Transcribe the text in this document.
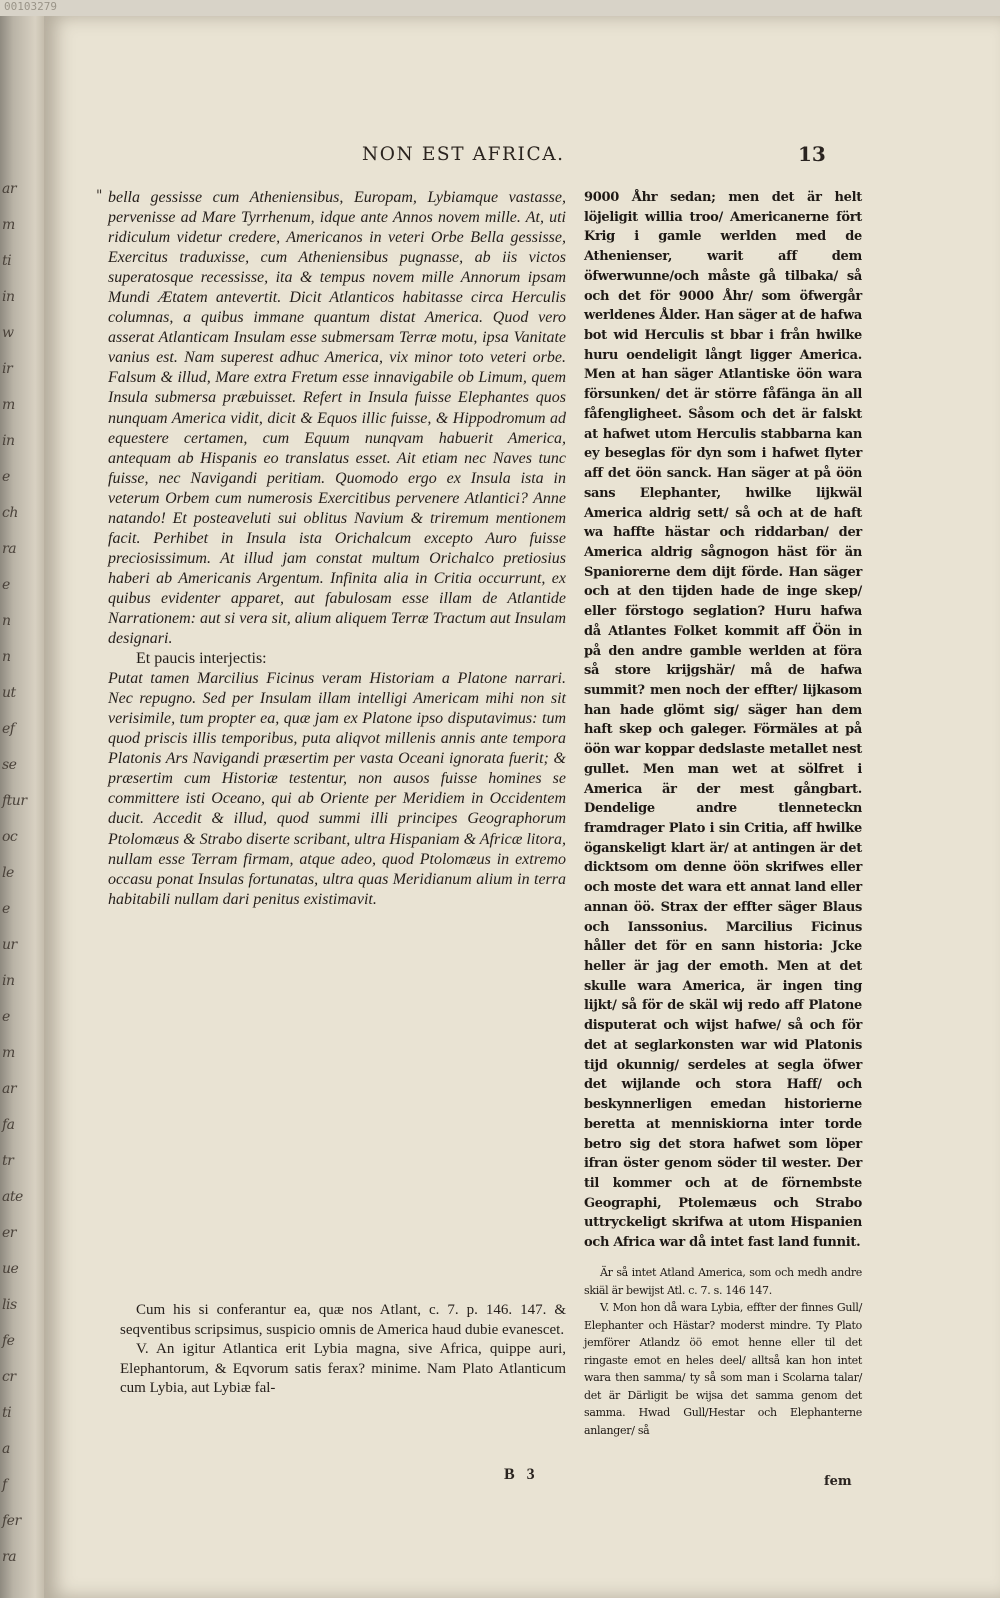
00103279
ar
m
ti
in
w
ir
m
in
e
ch
ra
e
n
n
ut
ef
se
ftur
oc
le
e
ur
in
e
m
ar
fa
tr
ate
er
ue
lis
fe
cr
ti
a
f
fer
ra
NON EST AFRICA.	13
" bella gessisse cum Atheniensibus, Europam, Lybiamque vastasse, pervenisse ad Mare Tyrrhenum, idque ante Annos novem mille. At, uti ridiculum videtur credere, Americanos in veteri Orbe Bella gessisse, Exercitus traduxisse, cum Atheniensibus pugnasse, ab iis victos superatosque recessisse, ita & tempus novem mille Annorum ipsam Mundi Ætatem antevertit. Dicit Atlanticos habitasse circa Herculis columnas, a quibus immane quantum distat America. Quod vero asserat Atlanticam Insulam esse submersam Terræ motu, ipsa Vanitate vanius est. Nam superest adhuc America, vix minor toto veteri orbe. Falsum & illud, Mare extra Fretum esse innavigabile ob Limum, quem Insula submersa præbuisset. Refert in Insula fuisse Elephantes quos nunquam America vidit, dicit & Equos illic fuisse, & Hippodromum ad equestere certamen, cum Equum nunqvam habuerit America, antequam ab Hispanis eo translatus esset. Ait etiam nec Naves tunc fuisse, nec Navigandi peritiam. Quomodo ergo ex Insula ista in veterum Orbem cum numerosis Exercitibus pervenere Atlantici? Anne natando! Et posteaveluti sui oblitus Navium & triremum mentionem facit. Perhibet in Insula ista Orichalcum excepto Auro fuisse preciosissimum. At illud jam constat multum Orichalco pretiosius haberi ab Americanis Argentum. Infinita alia in Critia occurrunt, ex quibus evidenter apparet, aut fabulosam esse illam de Atlantide Narrationem: aut si vera sit, alium aliquem Terræ Tractum aut Insulam designari.

Et paucis interjectis:

Putat tamen Marcilius Ficinus veram Historiam a Platone narrari. Nec repugno. Sed per Insulam illam intelligi Americam mihi non sit verisimile, tum propter ea, quæ jam ex Platone ipso disputavimus: tum quod priscis illis temporibus, puta aliqvot millenis annis ante tempora Platonis Ars Navigandi præsertim per vasta Oceani ignorata fuerit; & præsertim cum Historiæ testentur, non ausos fuisse homines se committere isti Oceano, qui ab Oriente per Meridiem in Occidentem ducit. Accedit & illud, quod summi illi principes Geographorum Ptolomæus & Strabo diserte scribant, ultra Hispaniam & Africæ litora, nullam esse Terram firmam, atque adeo, quod Ptolomæus in extremo occasu ponat Insulas fortunatas, ultra quas Meridianum alium in terra habitabili nullam dari penitus existimavit.

Cum his si conferantur ea, quæ nos Atlant, c. 7. p. 146. 147. & seqventibus scripsimus, suspicio omnis de America haud dubie evanescet.

V. An igitur Atlantica erit Lybia magna, sive Africa, quippe auri, Elephantorum, & Eqvorum satis ferax? minime. Nam Plato Atlanticum cum Lybia, aut Lybiæ fal-

B 3

9000 Åhr sedan; men det är helt löjeligit willia troo/ Americanerne fört Krig i gamle werlden med de Athenienser, warit aff dem öfwerwunne/och måste gå tilbaka/ så och det för 9000 Åhr/ som öfwergår werldenes Ålder. Han säger at de hafwa bot wid Herculis st bbar i från hwilke huru oendeligit långt ligger America. Men at han säger Atlantiske öön wara försunken/ det är större fåfänga än all fåfengligheet. Såsom och det är falskt at hafwet utom Herculis stabbarna kan ey beseglas för dyn som i hafwet flyter aff det öön sanck. Han säger at på öön sans Elephanter, hwilke lijkwäl America aldrig sett/ så och at de haft wa haffte hästar och riddarban/ der America aldrig sågnogon häst för än Spaniorerne dem dijt förde. Han säger och at den tijden hade de inge skep/ eller förstogo seglation? Huru hafwa då Atlantes Folket kommit aff Öön in på den andre gamble werlden at föra så store krijgshär/ må de hafwa summit? men noch der effter/ lijkasom han hade glömt sig/ säger han dem haft skep och galeger. Förmäles at på öön war koppar dedslaste metallet nest gullet. Men man wet at sölfret i America är der mest gångbart. Dendelige andre tlenneteckn framdrager Plato i sin Critia, aff hwilke öganskeligt klart är/ at antingen är det dicktsom om denne öön skrifwes eller och moste det wara ett annat land eller annan öö. Strax der effter säger Blaus och Ianssonius. Marcilius Ficinus håller det för en sann historia: Jcke heller är jag der emoth. Men at det skulle wara America, är ingen ting lijkt/ så för de skäl wij redo aff Platone disputerat och wijst hafwe/ så och för det at seglarkonsten war wid Platonis tijd okunnig/ serdeles at segla öfwer det wijlande och stora Haff/ och beskynnerligen emedan historierne beretta at menniskiorna inter torde betro sig det stora hafwet som löper ifran öster genom söder til wester. Der til kommer och at de förnembste Geographi, Ptolemæus och Strabo uttryckeligt skrifwa at utom Hispanien och Africa war då intet fast land funnit.

Är så intet Atland America, som och medh andre skiäl är bewijst Atl. c. 7. s. 146 147.

V. Mon hon då wara Lybia, effter der finnes Gull/ Elephanter och Hästar? moderst mindre. Ty Plato jemförer Atlandz öö emot henne eller til det ringaste emot en heles deel/ alltså kan hon intet wara then samma/ ty så som man i Scolarna talar/ det är Därligit be wijsa det samma genom det samma. Hwad Gull/Hestar och Elephanterne anlanger/ så

fem
